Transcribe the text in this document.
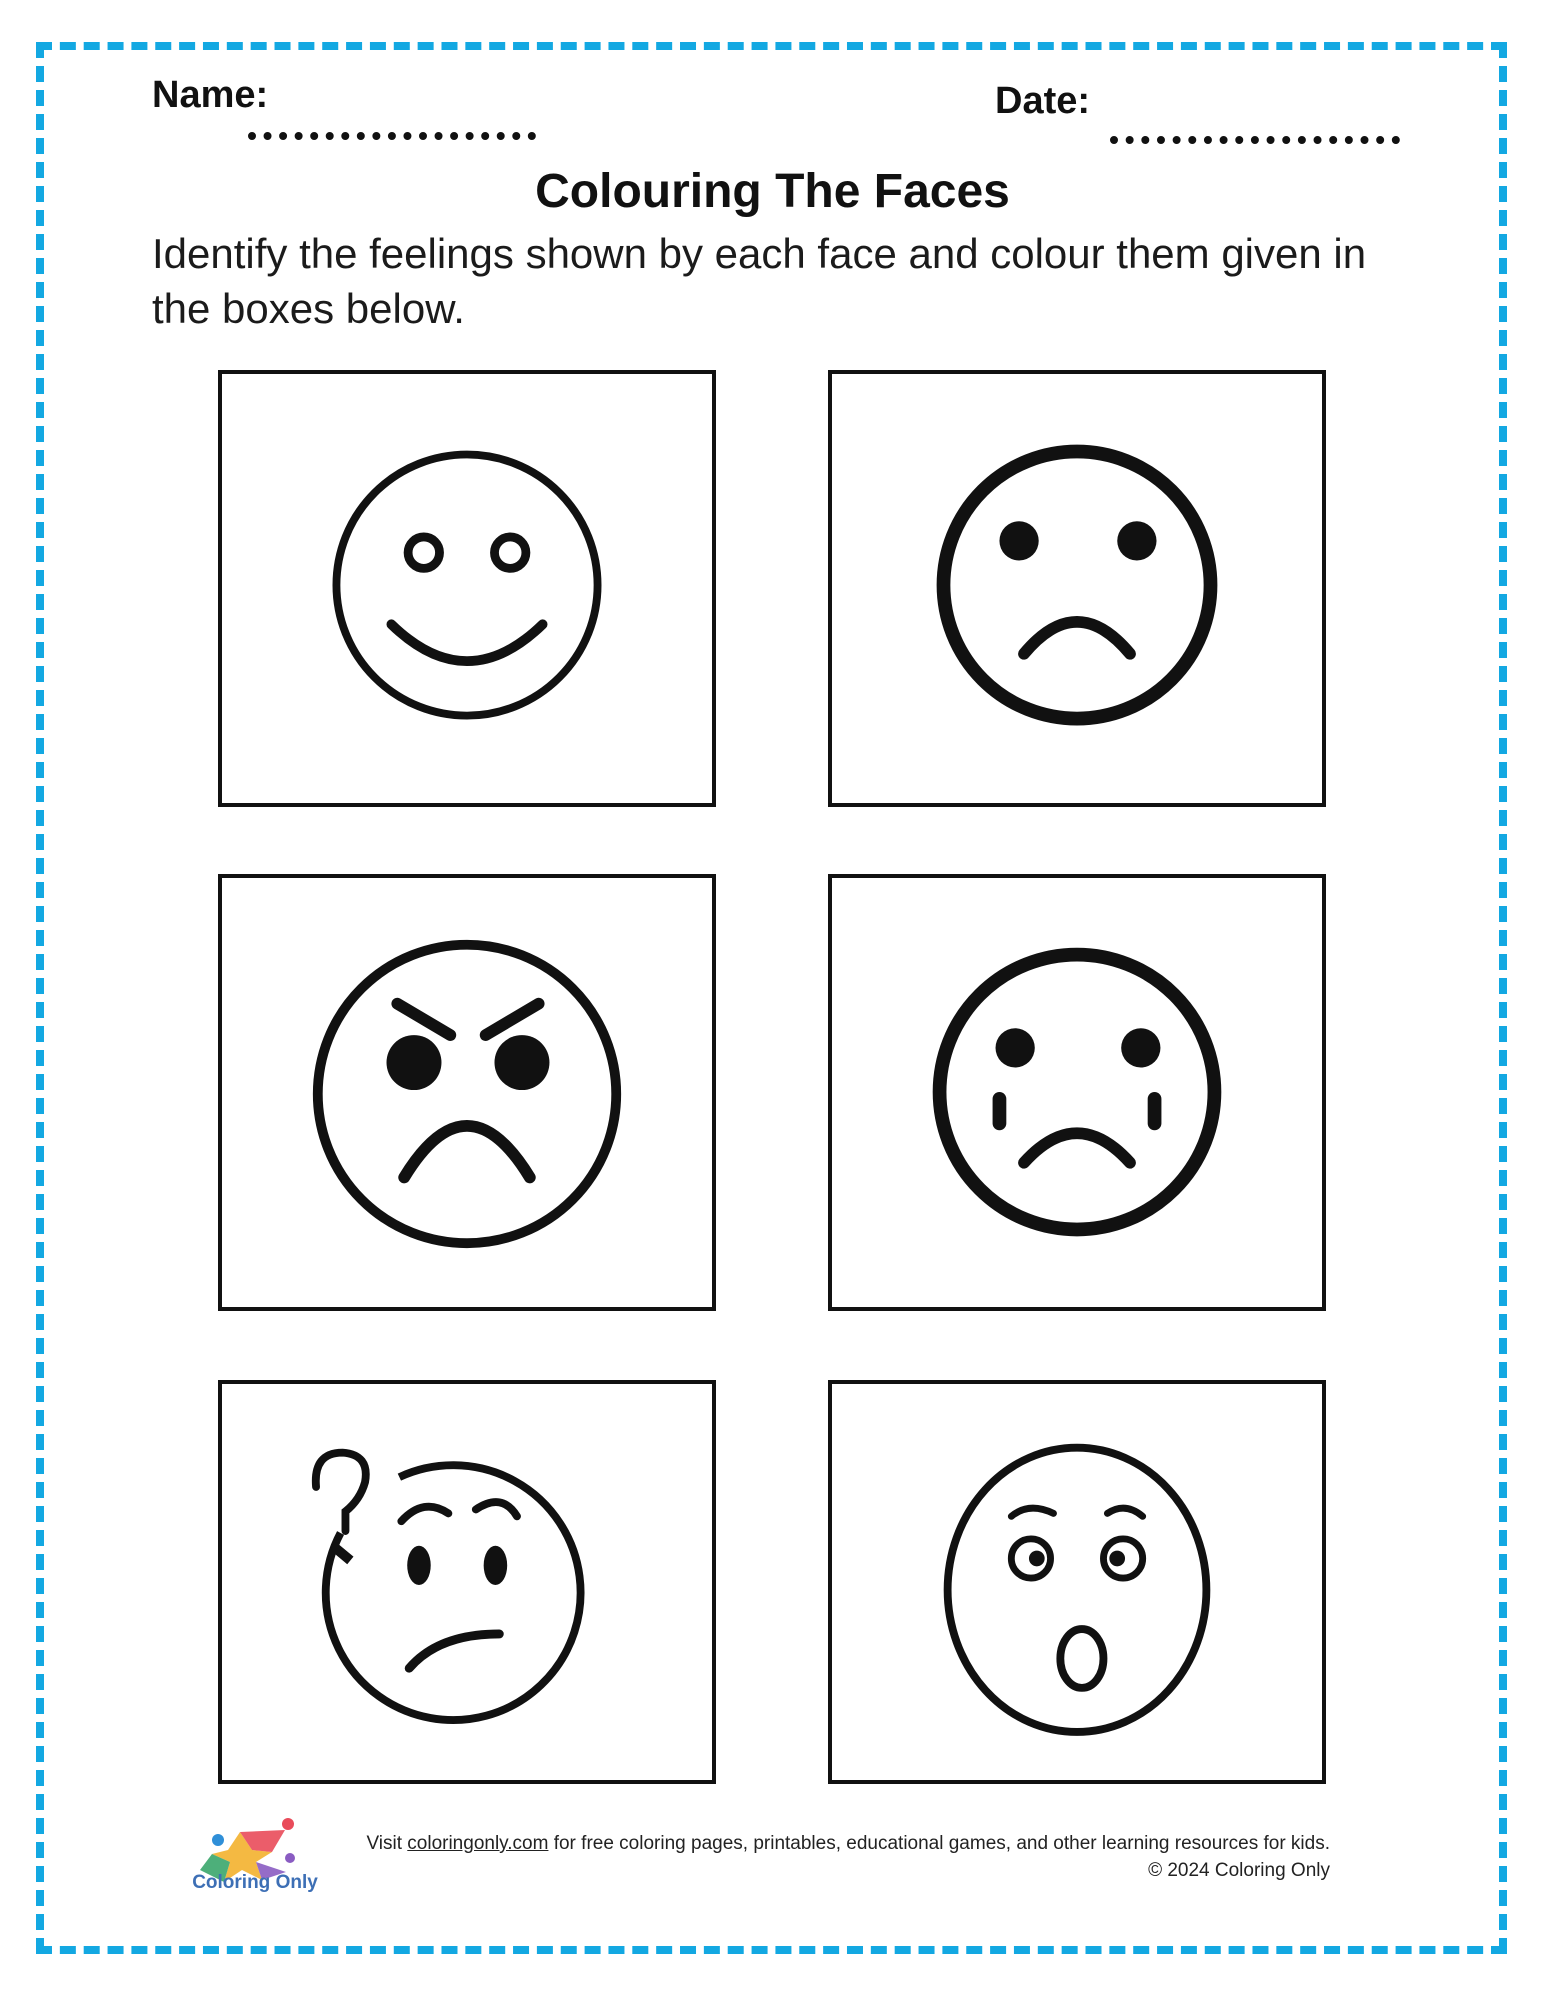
Name:	Date:
Colouring The Faces
Identify the feelings shown by each face and colour them given in the boxes below.
Coloring Only
Visit coloringonly.com for free coloring pages, printables, educational games, and other learning resources for kids.
© 2024 Coloring Only
